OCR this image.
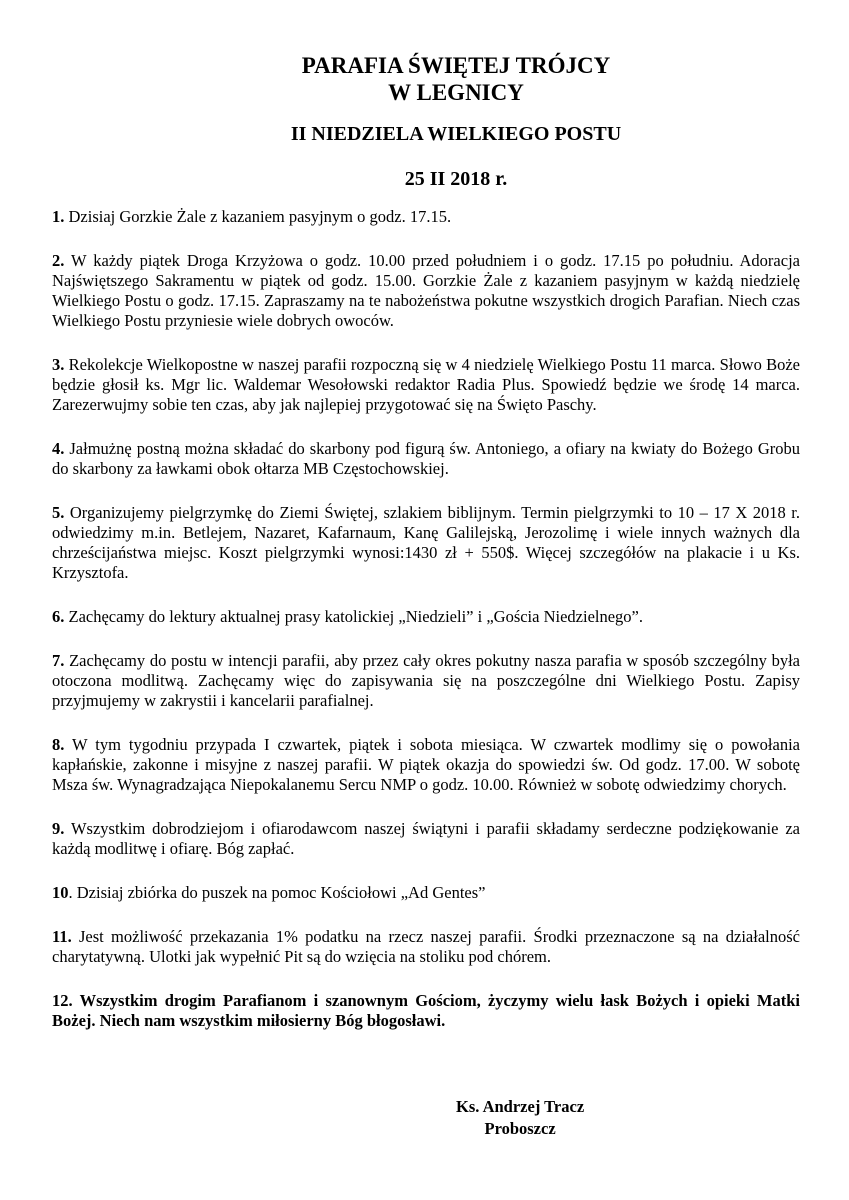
PARAFIA ŚWIĘTEJ TRÓJCY
W LEGNICY
II NIEDZIELA WIELKIEGO POSTU
25 II 2018 r.

1. Dzisiaj Gorzkie Żale z kazaniem pasyjnym o godz. 17.15.

2. W każdy piątek Droga Krzyżowa o godz. 10.00 przed południem i o godz. 17.15 po południu. Adoracja Najświętszego Sakramentu w piątek od godz. 15.00. Gorzkie Żale z kazaniem pasyjnym w każdą niedzielę Wielkiego Postu o godz. 17.15. Zapraszamy na te nabożeństwa pokutne wszystkich drogich Parafian. Niech czas Wielkiego Postu przyniesie wiele dobrych owoców.

3. Rekolekcje Wielkopostne w naszej parafii rozpoczną się w 4 niedzielę Wielkiego Postu 11 marca. Słowo Boże będzie głosił ks. Mgr lic. Waldemar Wesołowski redaktor Radia Plus. Spowiedź będzie we środę 14 marca. Zarezerwujmy sobie ten czas, aby jak najlepiej przygotować się na Święto Paschy.

4. Jałmużnę postną można składać do skarbony pod figurą św. Antoniego, a ofiary na kwiaty do Bożego Grobu do skarbony za ławkami obok ołtarza MB Częstochowskiej.

5. Organizujemy pielgrzymkę do Ziemi Świętej, szlakiem biblijnym. Termin pielgrzymki to 10 – 17 X 2018 r. odwiedzimy m.in. Betlejem, Nazaret, Kafarnaum, Kanę Galilejską, Jerozolimę i wiele innych ważnych dla chrześcijaństwa miejsc. Koszt pielgrzymki wynosi:1430 zł + 550$. Więcej szczegółów na plakacie i u Ks. Krzysztofa.

6. Zachęcamy do lektury aktualnej prasy katolickiej „Niedzieli” i „Gościa Niedzielnego”.

7. Zachęcamy do postu w intencji parafii, aby przez cały okres pokutny nasza parafia w sposób szczególny była otoczona modlitwą. Zachęcamy więc do zapisywania się na poszczególne dni Wielkiego Postu. Zapisy przyjmujemy w zakrystii i kancelarii parafialnej.

8. W tym tygodniu przypada I czwartek, piątek i sobota miesiąca. W czwartek modlimy się o powołania kapłańskie, zakonne i misyjne z naszej parafii. W piątek okazja do spowiedzi św. Od godz. 17.00. W sobotę Msza św. Wynagradzająca Niepokalanemu Sercu NMP o godz. 10.00. Również w sobotę odwiedzimy chorych.

9. Wszystkim dobrodziejom i ofiarodawcom naszej świątyni i parafii składamy serdeczne podziękowanie za każdą modlitwę i ofiarę. Bóg zapłać.

10. Dzisiaj zbiórka do puszek na pomoc Kościołowi „Ad Gentes”

11. Jest możliwość przekazania 1% podatku na rzecz naszej parafii. Środki przeznaczone są na działalność charytatywną. Ulotki jak wypełnić Pit są do wzięcia na stoliku pod chórem.

12. Wszystkim drogim Parafianom i szanownym Gościom, życzymy wielu łask Bożych i opieki Matki Bożej. Niech nam wszystkim miłosierny Bóg błogosławi.

Ks. Andrzej Tracz
Proboszcz
